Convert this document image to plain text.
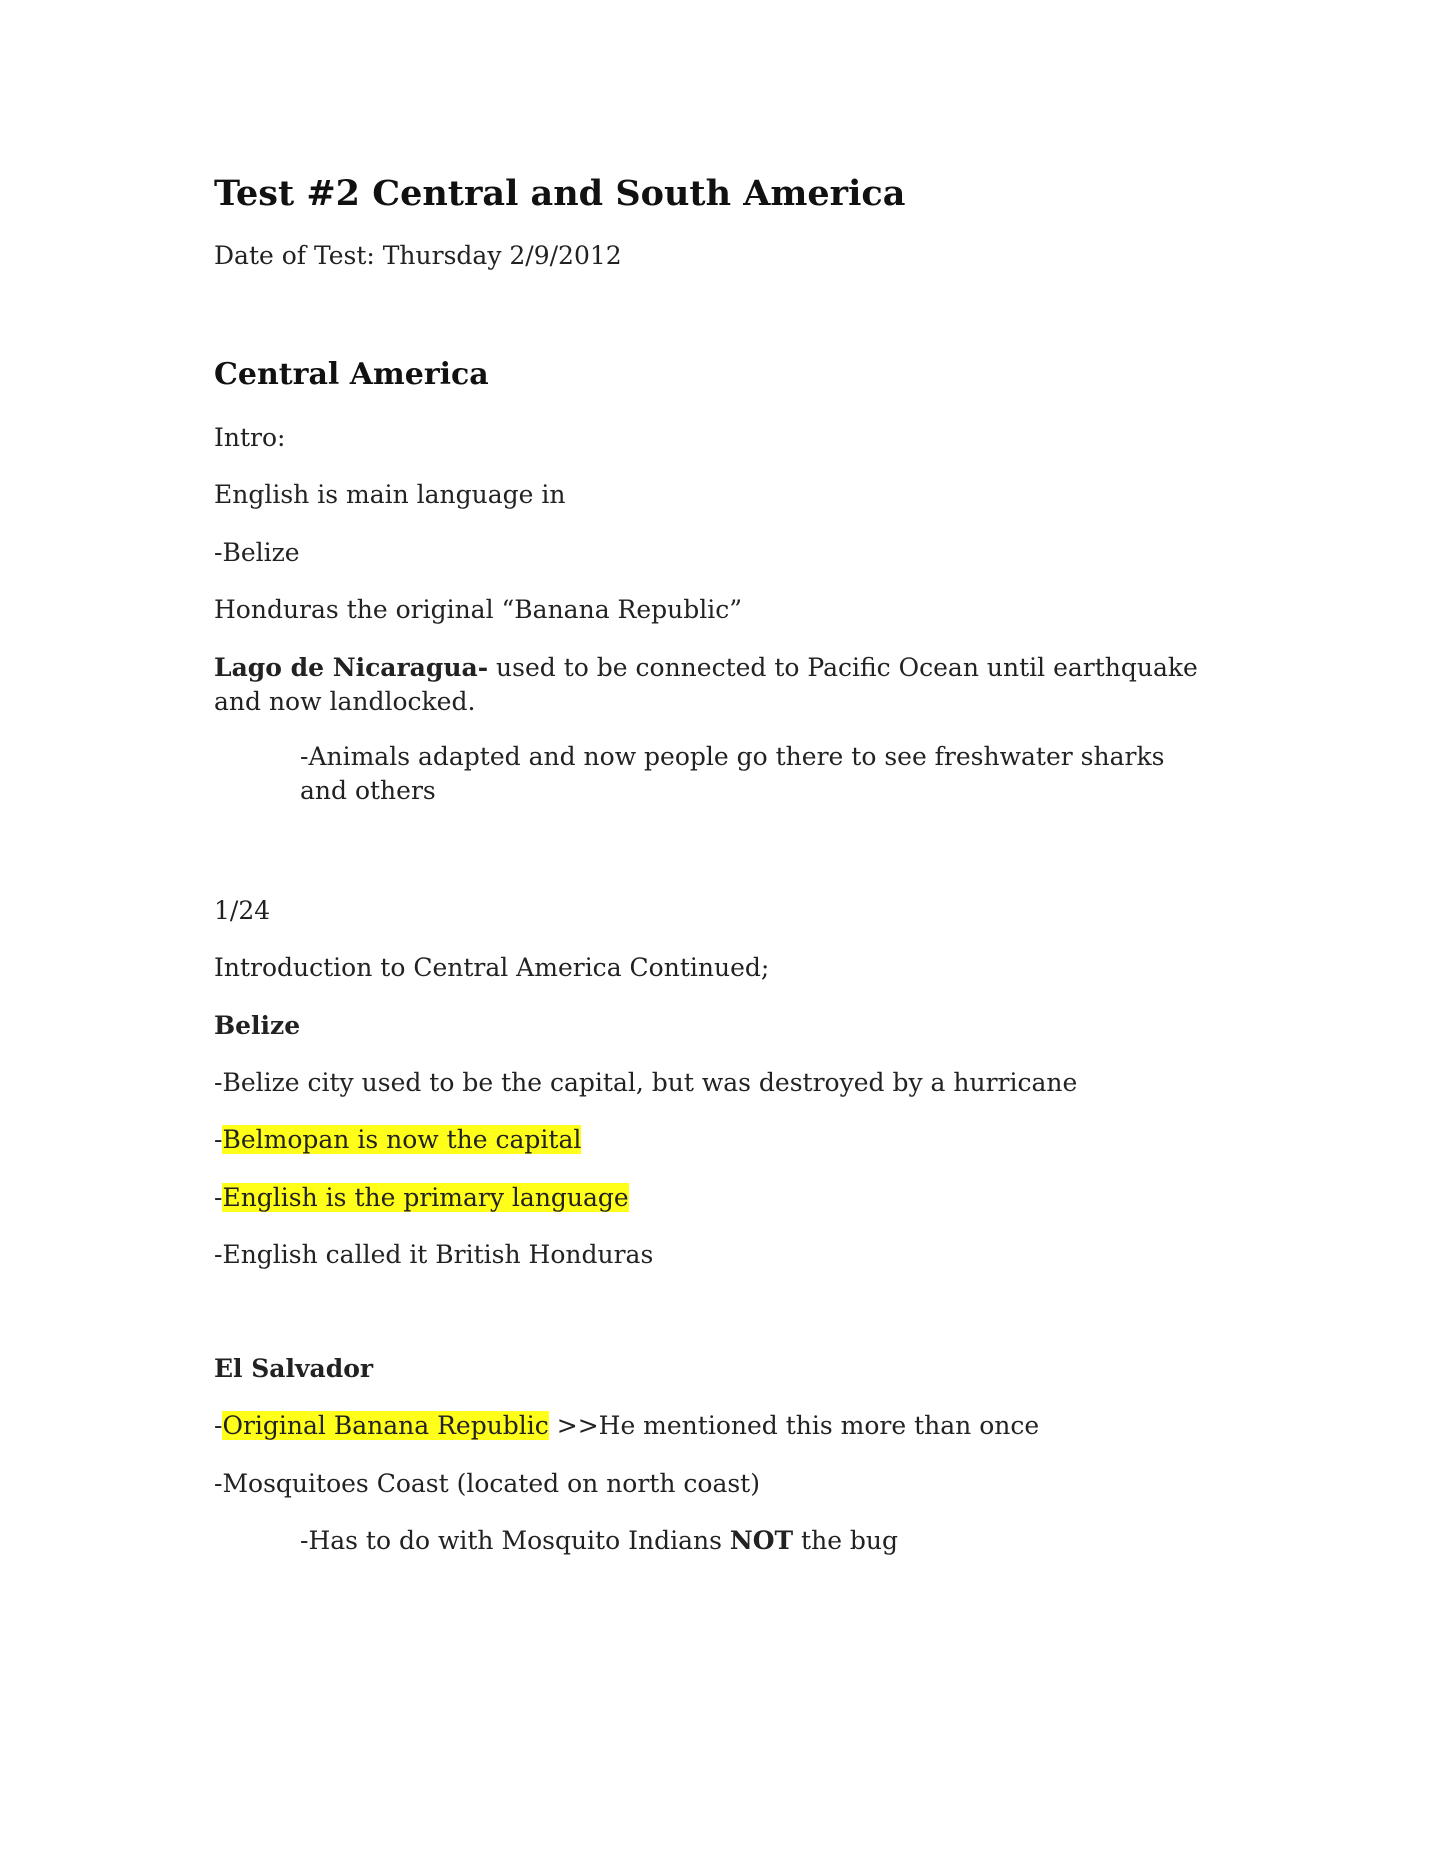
Test #2 Central and South America
Date of Test: Thursday 2/9/2012
Central America

Intro:

English is main language in

-Belize

Honduras the original “Banana Republic”

Lago de Nicaragua- used to be connected to Pacific Ocean until earthquake and now landlocked.

-Animals adapted and now people go there to see freshwater sharks and others

1/24

Introduction to Central America Continued;

Belize

-Belize city used to be the capital, but was destroyed by a hurricane

-Belmopan is now the capital

-English is the primary language

-English called it British Honduras

El Salvador

-Original Banana Republic >>He mentioned this more than once

-Mosquitoes Coast (located on north coast)

-Has to do with Mosquito Indians NOT the bug
